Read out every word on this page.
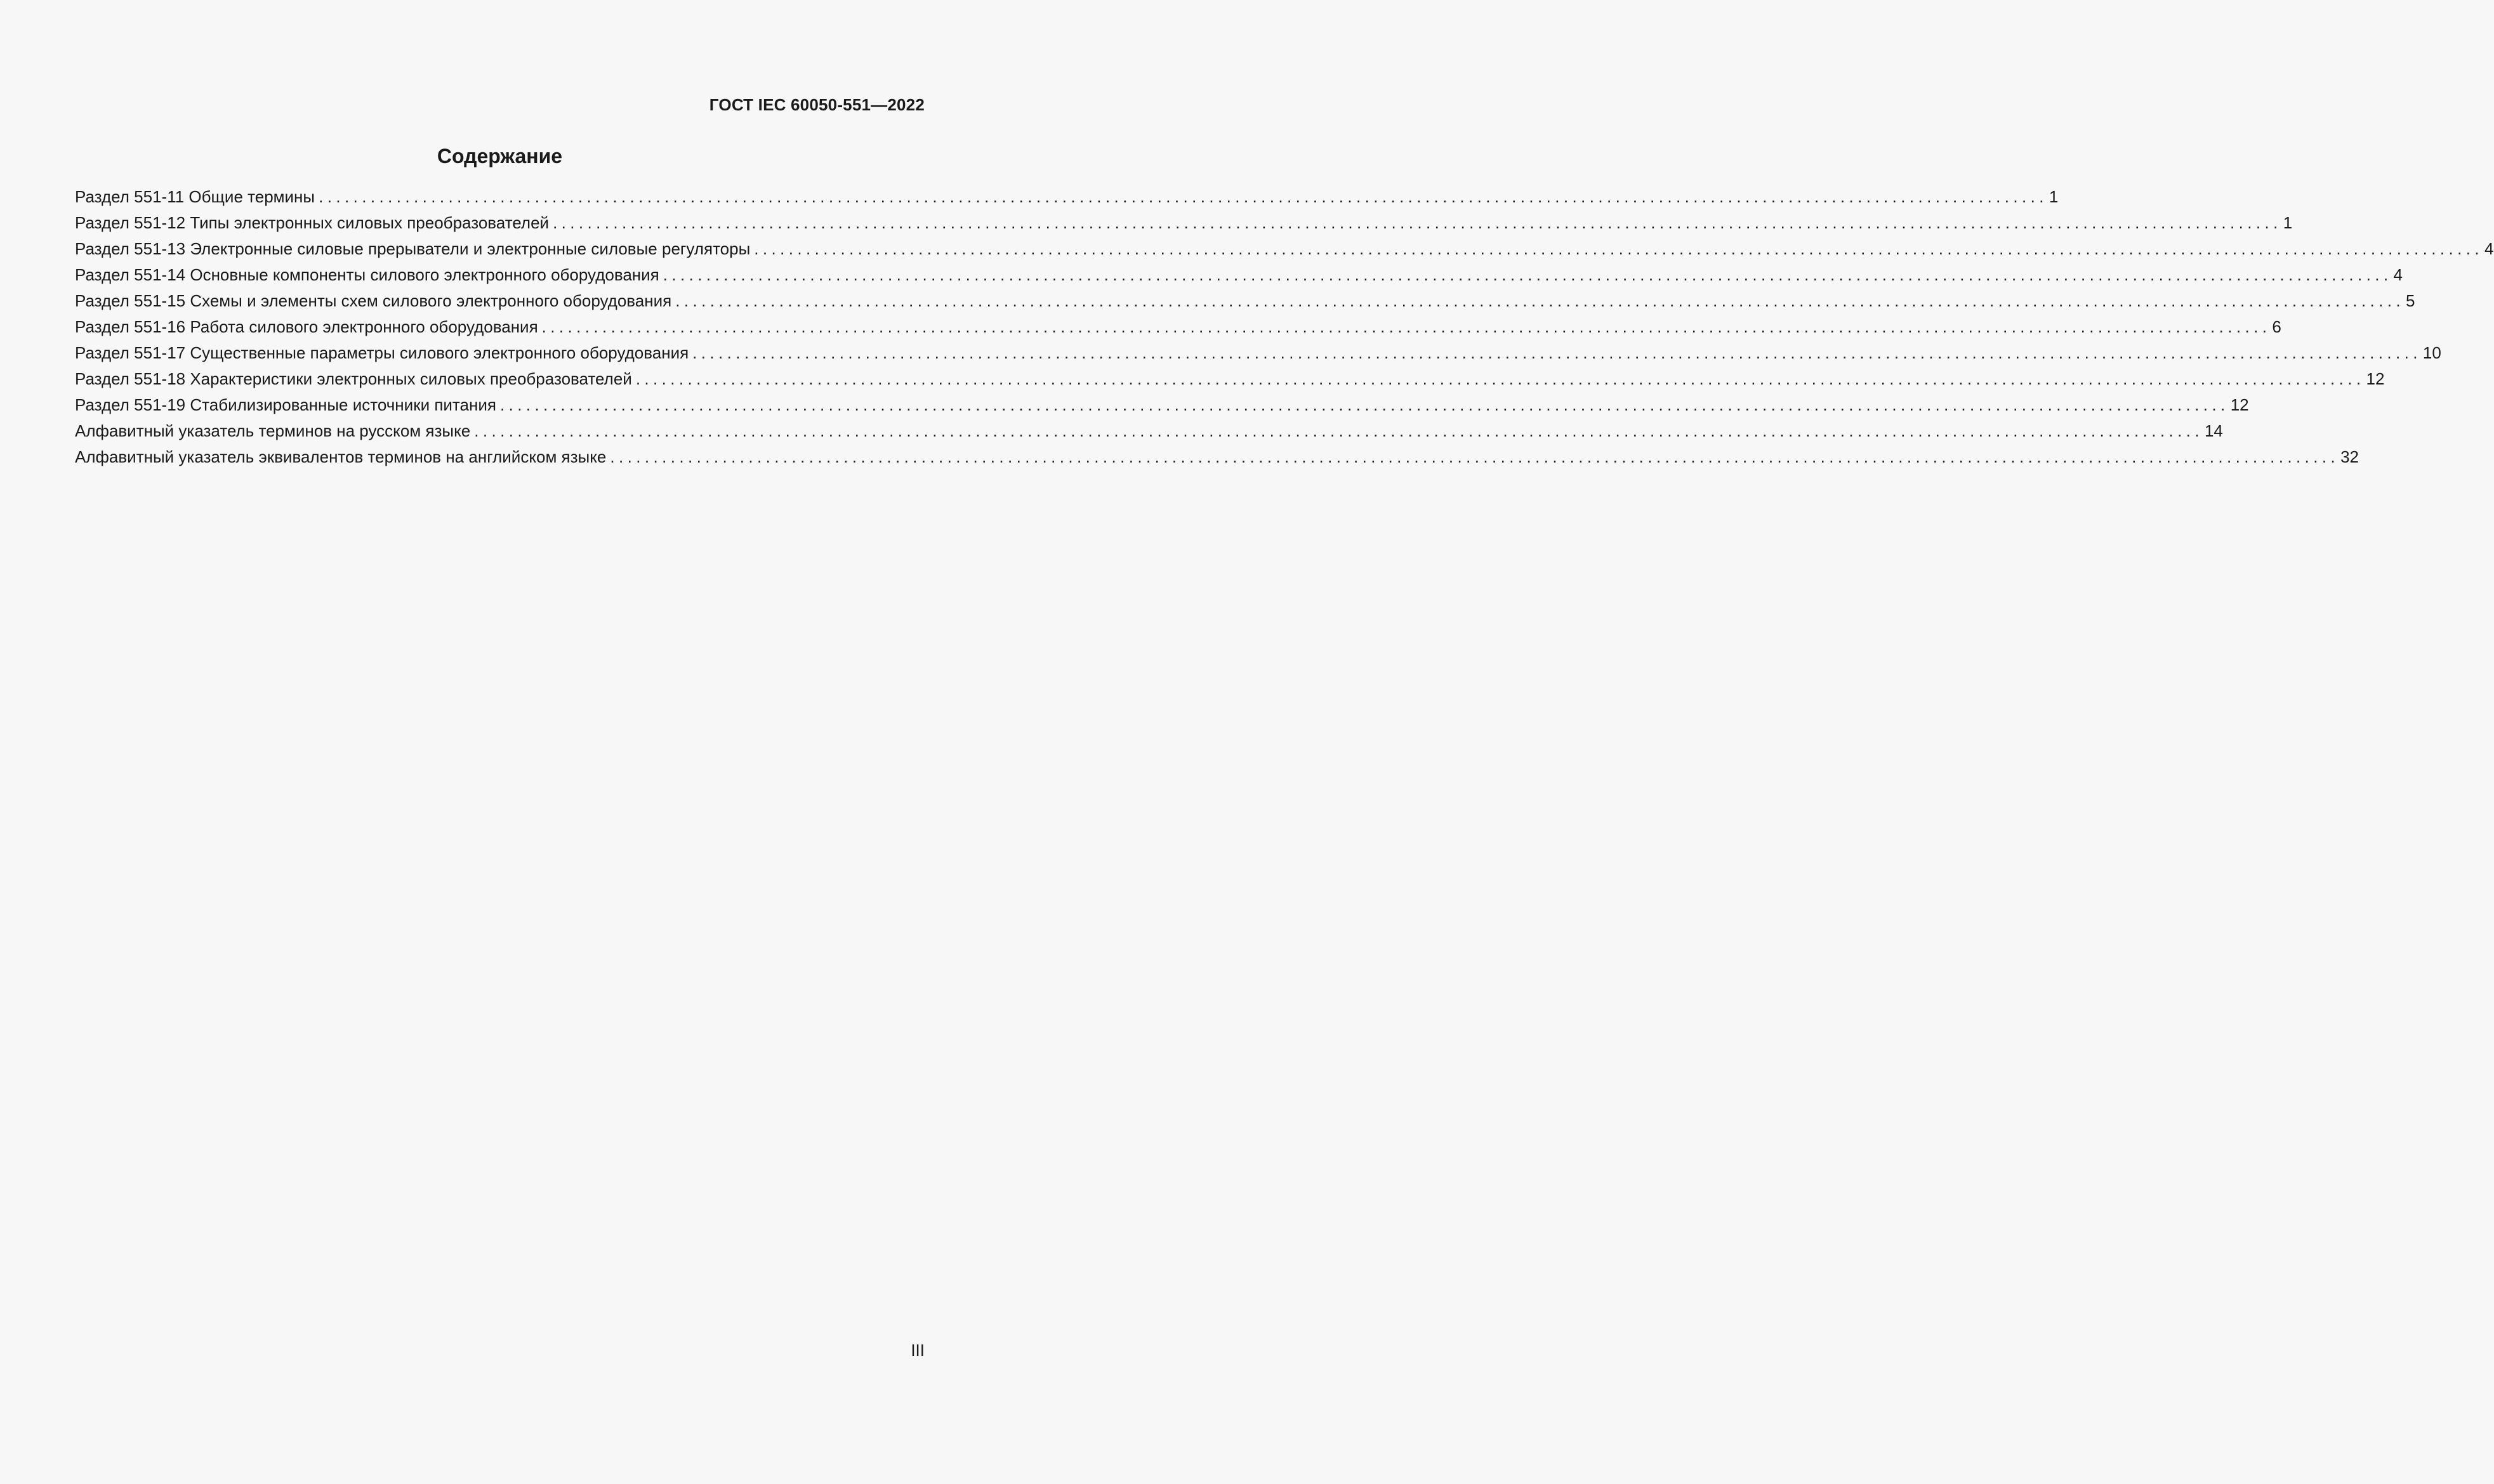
ГОСТ IEC 60050-551—2022
Содержание
Раздел 551-11 Общие термины ........................................................................................................................................................................................................ 1
Раздел 551-12 Типы электронных силовых преобразователей ........................................................................................................................................................................................................ 1
Раздел 551-13 Электронные силовые прерыватели и электронные силовые регуляторы ........................................................................................................................................................................................................ 4
Раздел 551-14 Основные компоненты силового электронного оборудования ........................................................................................................................................................................................................ 4
Раздел 551-15 Схемы и элементы схем силового электронного оборудования ........................................................................................................................................................................................................ 5
Раздел 551-16 Работа силового электронного оборудования ........................................................................................................................................................................................................ 6
Раздел 551-17 Существенные параметры силового электронного оборудования ........................................................................................................................................................................................................ 10
Раздел 551-18 Характеристики электронных силовых преобразователей ........................................................................................................................................................................................................ 12
Раздел 551-19 Стабилизированные источники питания ........................................................................................................................................................................................................ 12
Алфавитный указатель терминов на русском языке ........................................................................................................................................................................................................ 14
Алфавитный указатель эквивалентов терминов на английском языке ........................................................................................................................................................................................................ 32
III
